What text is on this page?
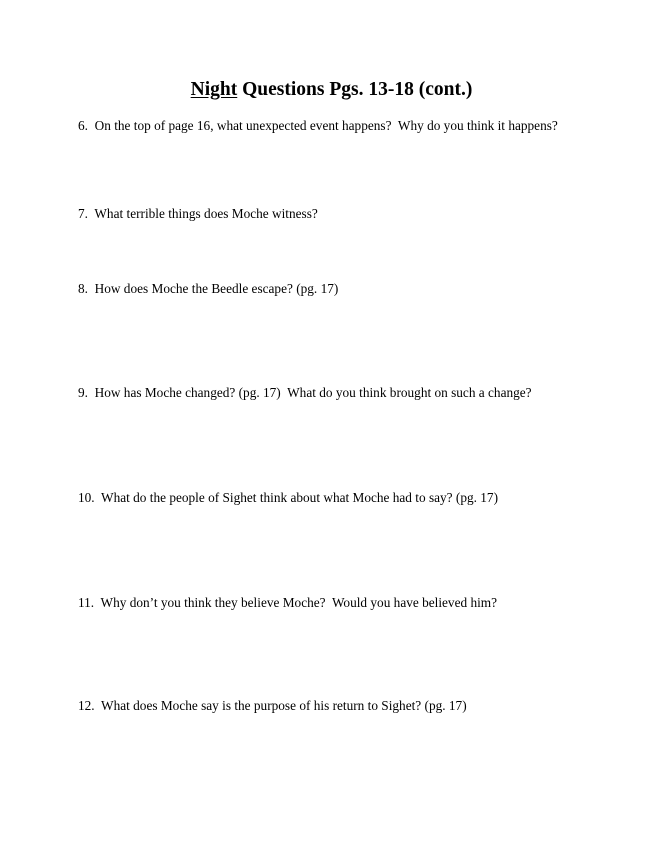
Night Questions Pgs. 13-18 (cont.)
6.  On the top of page 16, what unexpected event happens?  Why do you think it happens?
7.  What terrible things does Moche witness?
8.  How does Moche the Beedle escape? (pg. 17)
9.  How has Moche changed? (pg. 17)  What do you think brought on such a change?
10.  What do the people of Sighet think about what Moche had to say? (pg. 17)
11.  Why don’t you think they believe Moche?  Would you have believed him?
12.  What does Moche say is the purpose of his return to Sighet? (pg. 17)
